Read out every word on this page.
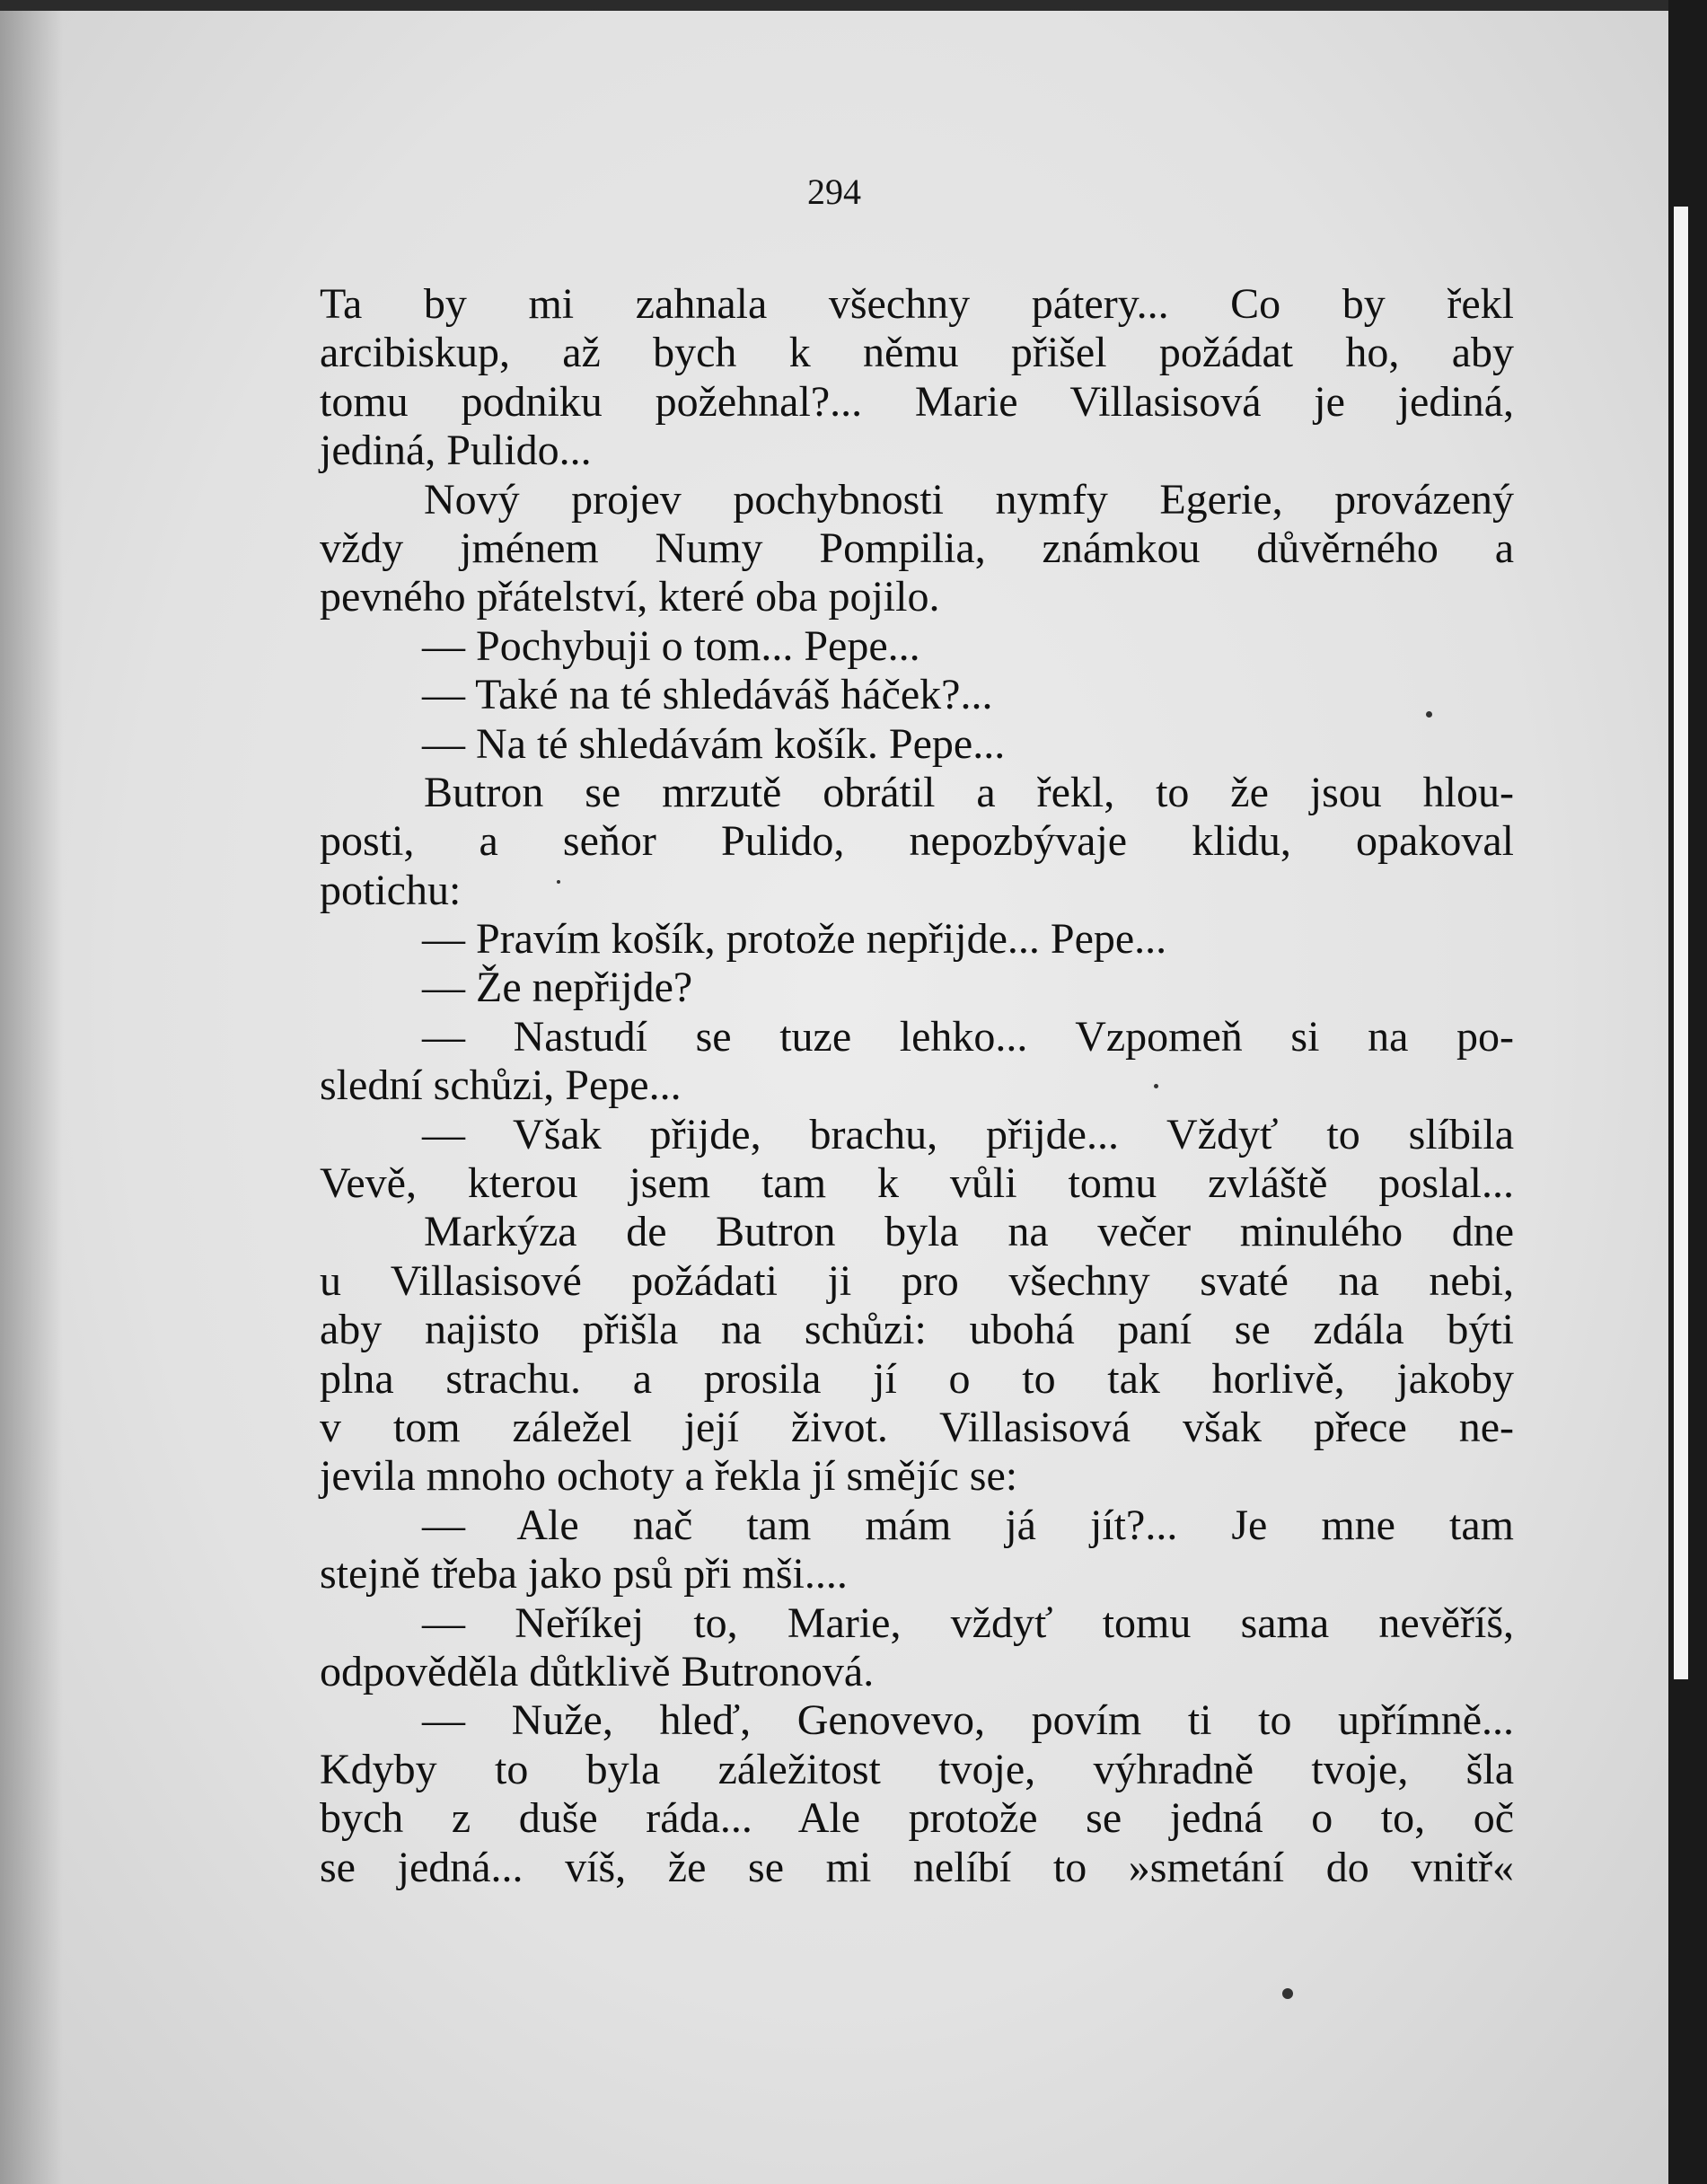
294
Ta by mi zahnala všechny pátery... Co by řekl
arcibiskup, až bych k němu přišel požádat ho, aby
tomu podniku požehnal?... Marie Villasisová je jediná,
jediná, Pulido...
Nový projev pochybnosti nymfy Egerie, provázený
vždy jménem Numy Pompilia, známkou důvěrného a
pevného přátelství, které oba pojilo.
— Pochybuji o tom... Pepe...
— Také na té shledáváš háček?...
— Na té shledávám košík. Pepe...
Butron se mrzutě obrátil a řekl, to že jsou hlou-
posti, a seňor Pulido, nepozbývaje klidu, opakoval
potichu:
— Pravím košík, protože nepřijde... Pepe...
— Že nepřijde?
— Nastudí se tuze lehko... Vzpomeň si na po-
slední schůzi, Pepe...
— Však přijde, brachu, přijde... Vždyť to slíbila
Vevě, kterou jsem tam k vůli tomu zvláště poslal...
Markýza de Butron byla na večer minulého dne
u Villasisové požádati ji pro všechny svaté na nebi,
aby najisto přišla na schůzi: ubohá paní se zdála býti
plna strachu. a prosila jí o to tak horlivě, jakoby
v tom záležel její život. Villasisová však přece ne-
jevila mnoho ochoty a řekla jí smějíc se:
— Ale nač tam mám já jít?... Je mne tam
stejně třeba jako psů při mši....
— Neříkej to, Marie, vždyť tomu sama nevěříš,
odpověděla důtklivě Butronová.
— Nuže, hleď, Genovevo, povím ti to upřímně...
Kdyby to byla záležitost tvoje, výhradně tvoje, šla
bych z duše ráda... Ale protože se jedná o to, oč
se jedná... víš, že se mi nelíbí to »smetání do vnitř«
